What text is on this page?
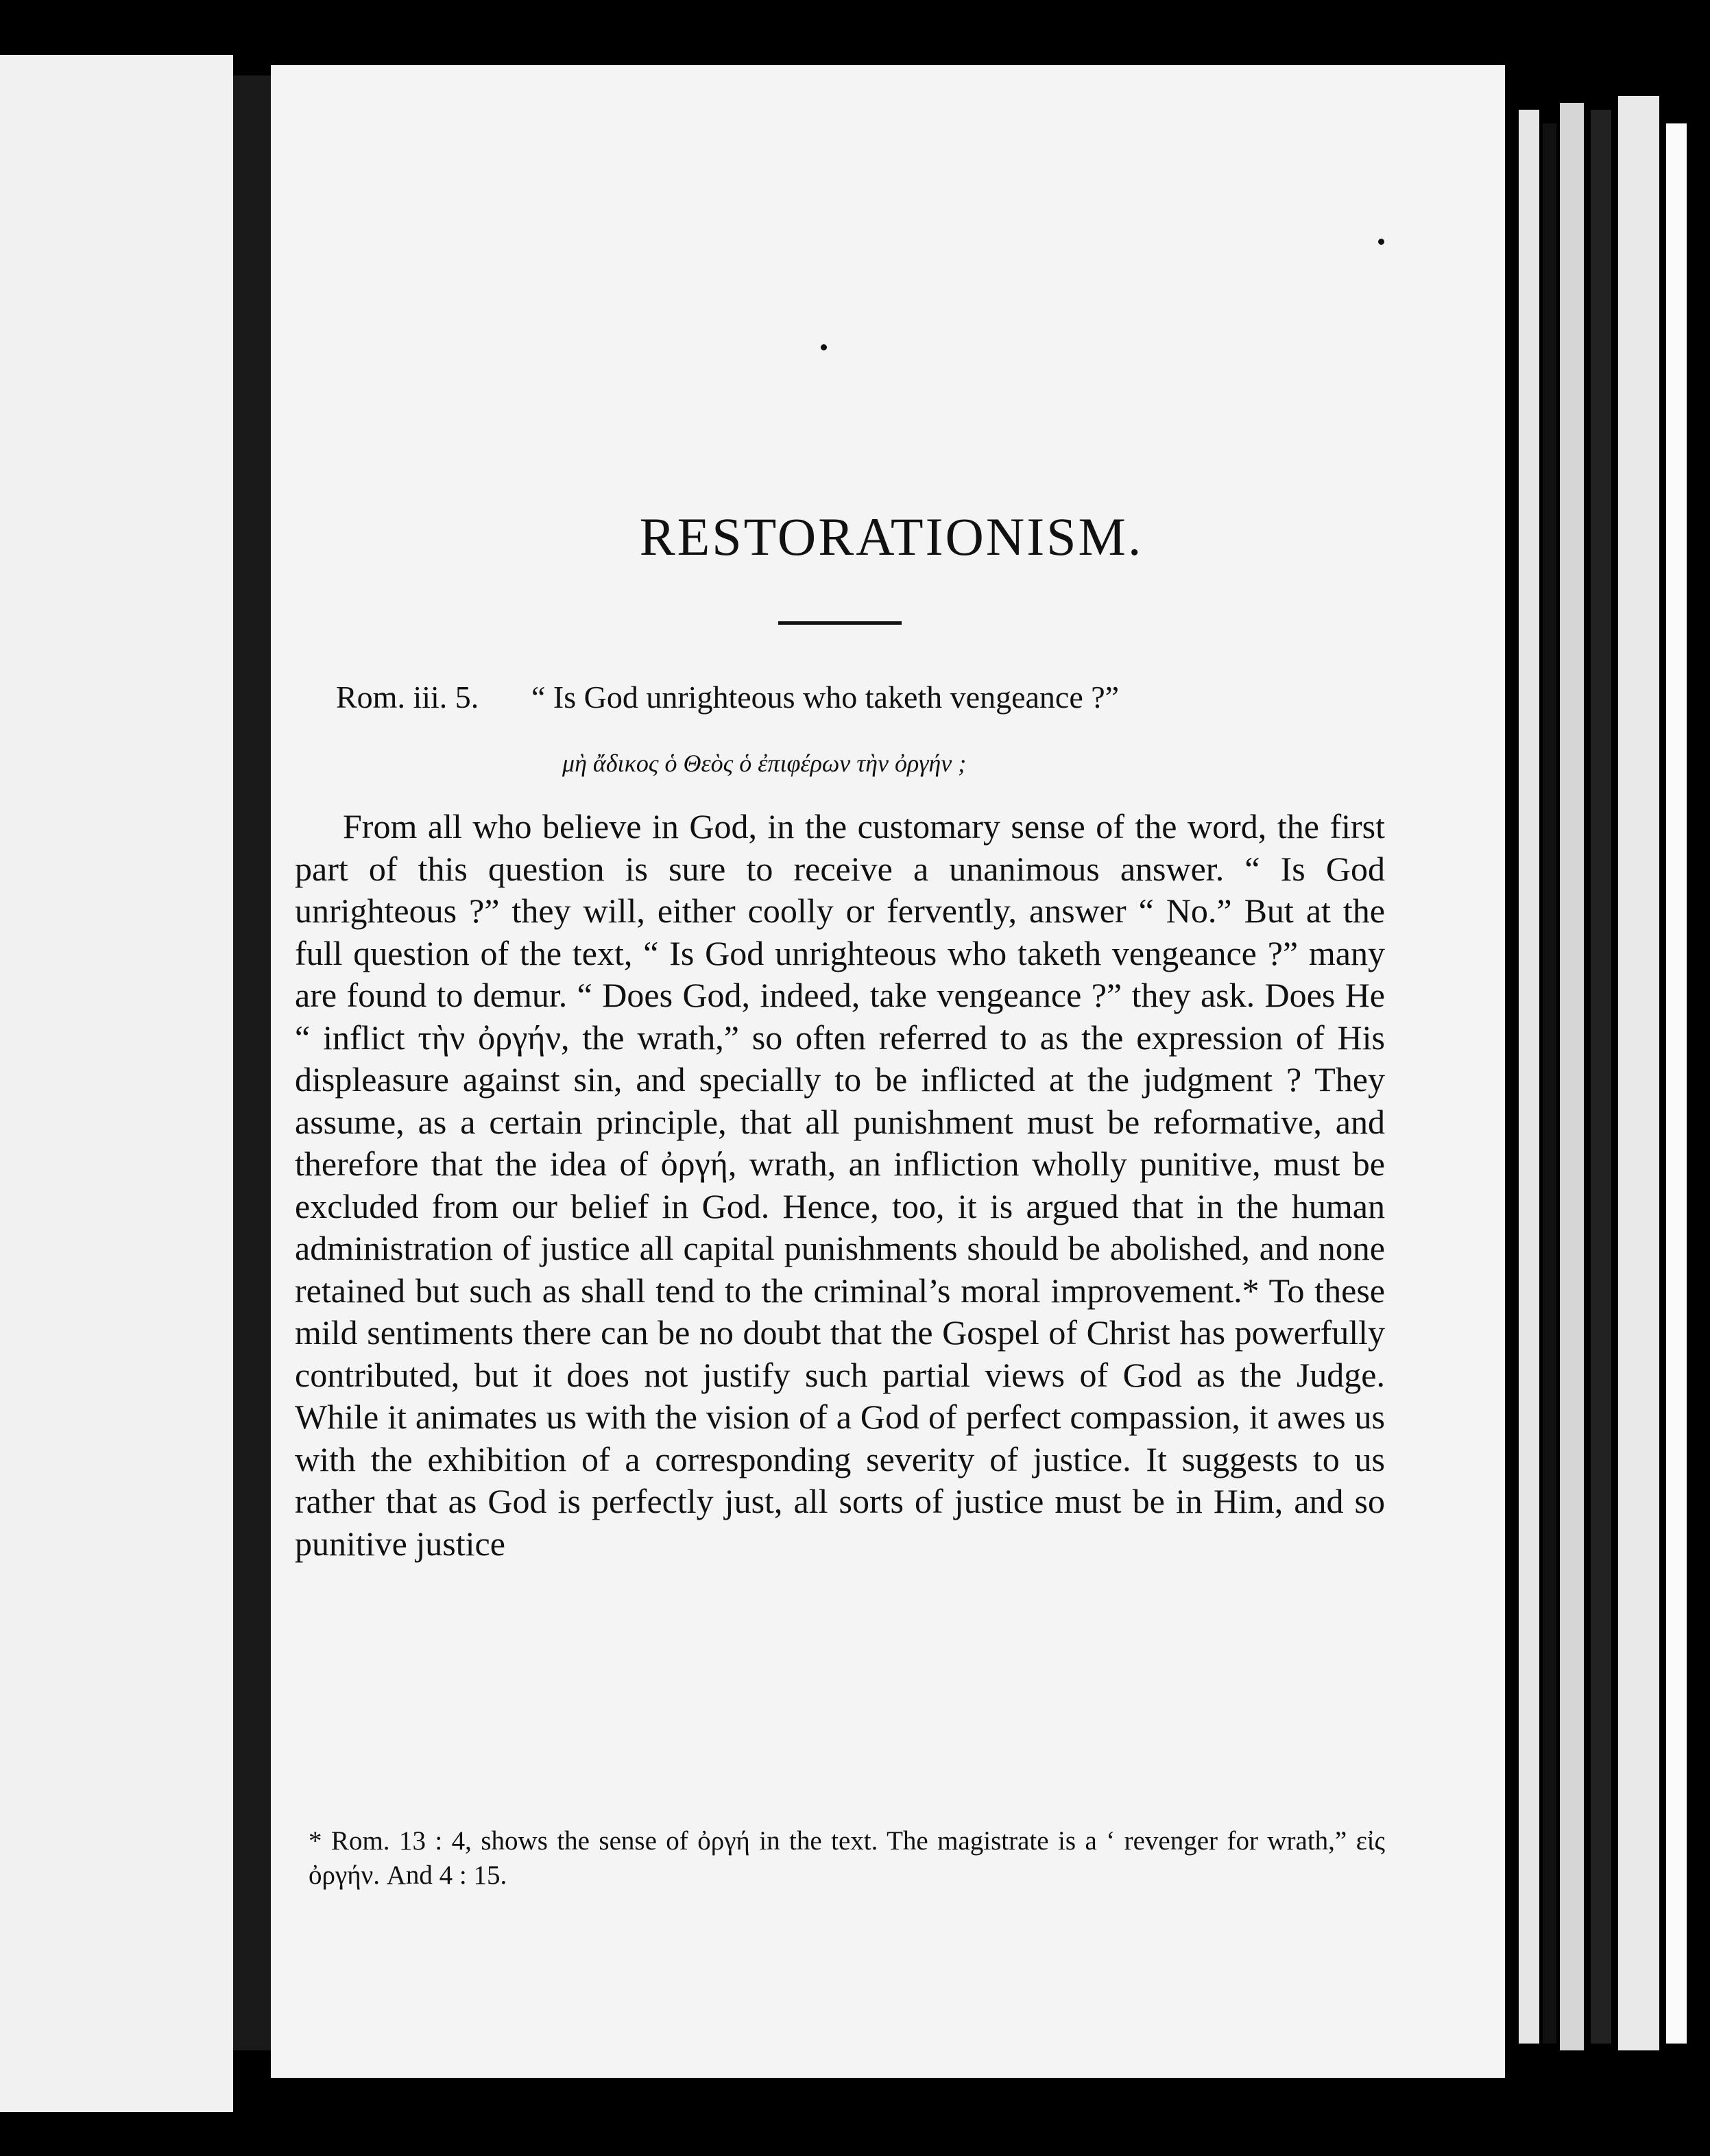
RESTORATIONISM.
Rom. iii. 5. “ Is God unrighteous who taketh vengeance ?”
μὴ ἄδικος ὁ Θεὸς ὁ ἐπιφέρων τὴν ὀργήν ;

From all who believe in God, in the customary sense of the word, the first part of this question is sure to receive a unanimous answer. “ Is God unrighteous ?” they will, either coolly or fervently, answer “ No.” But at the full question of the text, “ Is God unrighteous who taketh vengeance ?” many are found to demur. “ Does God, indeed, take vengeance ?” they ask. Does He “ inflict τὴν ὀργήν, the wrath,” so often referred to as the expression of His displeasure against sin, and specially to be inflicted at the judgment ? They assume, as a certain principle, that all punishment must be reformative, and therefore that the idea of ὀργή, wrath, an infliction wholly punitive, must be excluded from our belief in God. Hence, too, it is argued that in the human administration of justice all capital punishments should be abolished, and none retained but such as shall tend to the criminal’s moral improvement.* To these mild sentiments there can be no doubt that the Gospel of Christ has powerfully contributed, but it does not justify such partial views of God as the Judge. While it animates us with the vision of a God of perfect compassion, it awes us with the exhibition of a corresponding severity of justice. It suggests to us rather that as God is perfectly just, all sorts of justice must be in Him, and so punitive justice

* Rom. 13 : 4, shows the sense of ὀργή in the text. The magistrate is a ‘ revenger for wrath,” εἰς ὀργήν. And 4 : 15.
